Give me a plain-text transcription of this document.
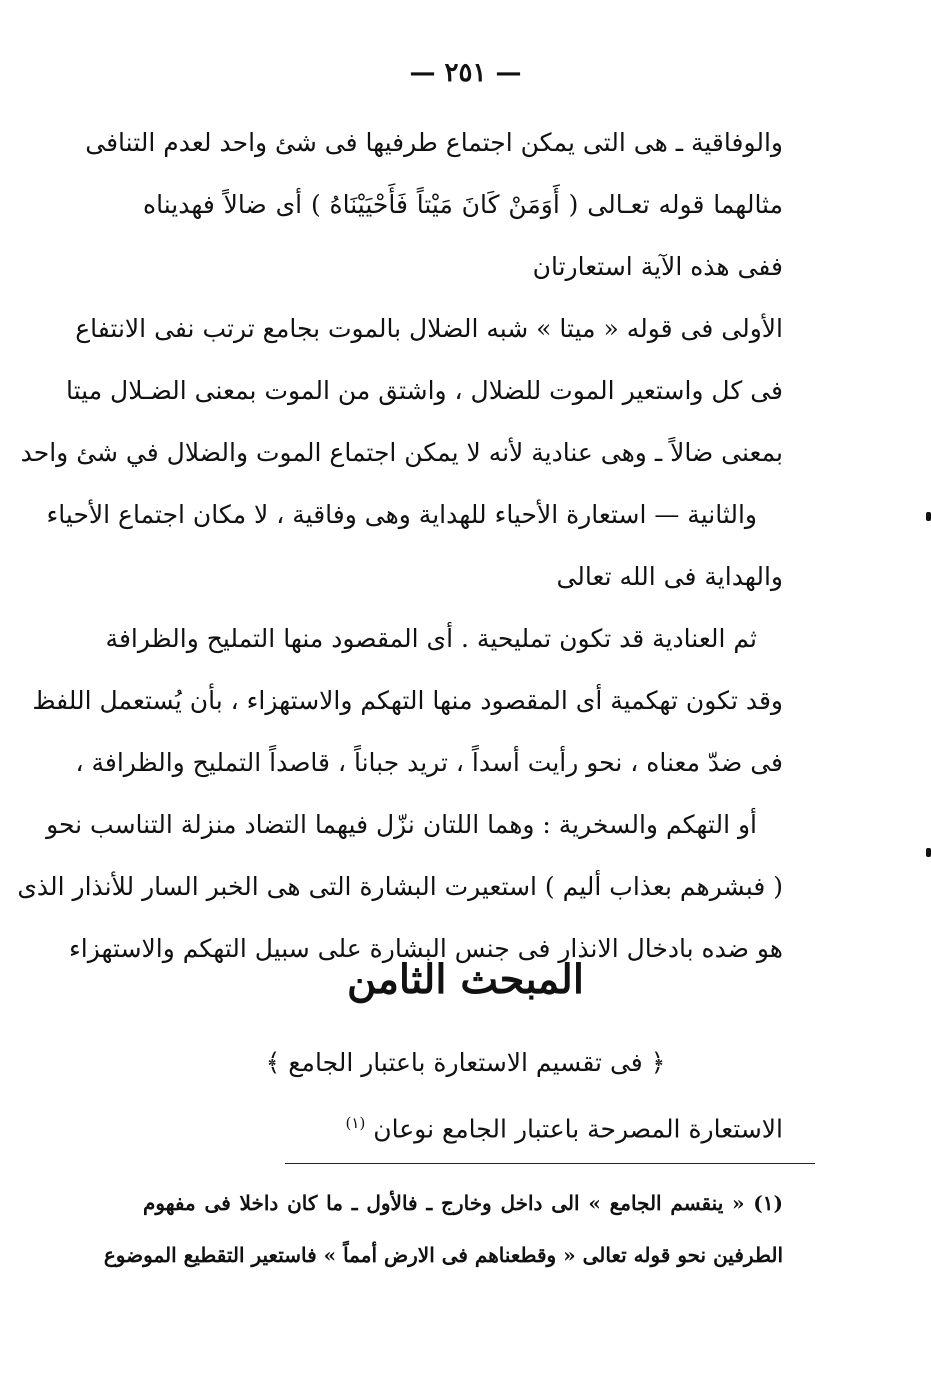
— ٢٥١ —
والوفاقية ـ هى التى يمكن اجتماع طرفيها فى شئ واحد لعدم التنافى
مثالهما قوله تعـالى ( أَوَمَنْ كَانَ مَيْتاً فَأَحْيَيْنَاهُ ) أى ضالاً فهديناه
ففى هذه الآية استعارتان
الأولى فى قوله « ميتا » شبه الضلال بالموت بجامع ترتب نفى الانتفاع
فى كل واستعير الموت للضلال ، واشتق من الموت بمعنى الضـلال ميتا
بمعنى ضالاً ـ وهى عنادية لأنه لا يمكن اجتماع الموت والضلال في شئ واحد
والثانية — استعارة الأحياء للهداية وهى وفاقية ، لا مكان اجتماع الأحياء
والهداية فى الله تعالى
ثم العنادية قد تكون تمليحية . أى المقصود منها التمليح والظرافة
وقد تكون تهكمية أى المقصود منها التهكم والاستهزاء ، بأن يُستعمل اللفظ
فى ضدّ معناه ، نحو رأيت أسداً ، تريد جباناً ، قاصداً التمليح والظرافة ،
أو التهكم والسخرية : وهما اللتان نزّل فيهما التضاد منزلة التناسب نحو
( فبشرهم بعذاب أليم ) استعيرت البشارة التى هى الخبر السار للأنذار الذى
هو ضده بادخال الانذار فى جنس البشارة على سبيل التهكم والاستهزاء
المبحث الثامن
﴿ فى تقسيم الاستعارة باعتبار الجامع ﴾
الاستعارة المصرحة باعتبار الجامع نوعان $^{(١)}$
(١) « ينقسم الجامع » الى داخل وخارج ـ فالأول ـ ما كان داخلا فى مفهوم
الطرفين نحو قوله تعالى « وقطعناهم فى الارض أمماً » فاستعير التقطيع الموضوع
